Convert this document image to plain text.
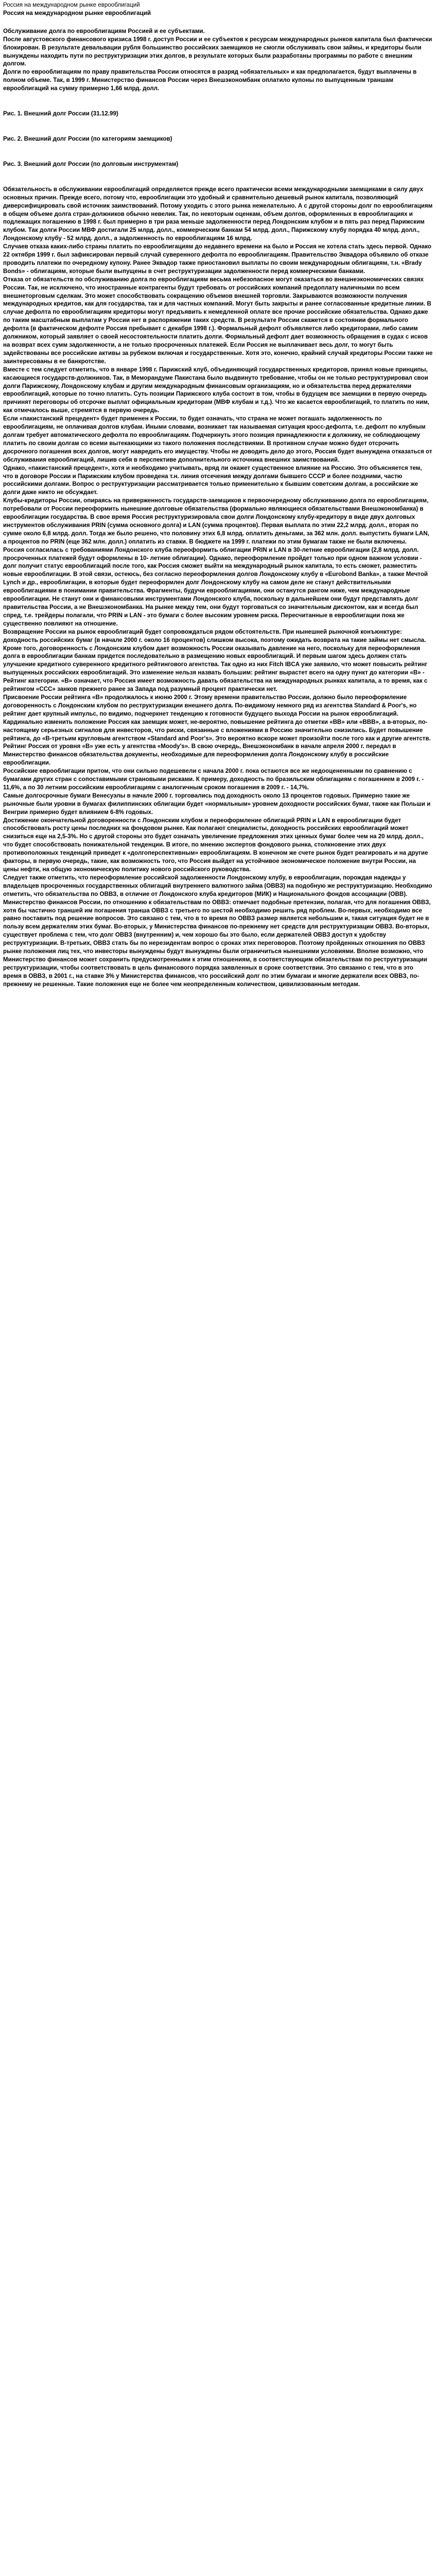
Россия на международном рынке еврооблигаций

Россия на международном рынке еврооблигаций

Обслуживание долга по еврооблигациям Россией и ее субъектами.

После августовского финансового кризиса 1998 г. доступ России и ее субъектов к ресурсам международных рынков капитала был фактически блокирован. В результате девальвации рубля большинство российских заемщиков не смогли обслуживать свои займы, и кредиторы были вынуждены находить пути по реструктуризации этих долгов, в результате которых были разработаны программы по работе с внешним долгом.

Долги по еврооблигациям по праву правительства России относятся в разряд «обязательных» и как предполагается, будут выплачены в полном объеме. Так, в 1999 г. Министерство финансов России через Внешэкономбанк оплатило купоны по выпущенным траншам еврооблигаций на сумму примерно 1,66 млрд. долл.

Рис. 1. Внешний долг России (31.12.99)

Рис. 2. Внешний долг России (по категориям заемщиков)

Рис. 3. Внешний долг России (по долговым инструментам)

Обязательность в обслуживании еврооблигаций определяется прежде всего практически всеми международными заемщиками в силу двух основных причин. Прежде всего, потому что, еврооблигации это удобный и сравнительно дешевый рынок капитала, позволяющий диверсифицировать свой источник заимствований. Потому уходить с этого рынка нежелательно. А с другой стороны долг по еврооблигациям в общем объеме долга стран-должников обычно невелик. Так, по некоторым оценкам, объем долгов, оформленных в еврооблигациях и подлежащих погашению в 1998 г. был примерно в три раза меньше задолженности перед Лондонским клубом и в пять раз перед Парижским клубом. Так долги России МВФ достигали 25 млрд. долл., коммерческим банкам 54 млрд. долл., Парижскому клубу порядка 40 млрд. долл., Лондонскому клубу - 52 млрд. долл., а задолженность по еврооблигациям 16 млрд.

Случаев отказа каких-либо страны платить по еврооблигациям до недавнего времени на было и Россия не хотела стать здесь первой. Однако 22 октября 1999 г. был зафиксирован первый случай суверенного дефолта по еврооблигациям. Правительство Эквадора объявило об отказе проводить платежи по очередному купону. Ранее Эквадор также приостановил выплаты по своим международным облигациям, т.н. «Brady Bonds» - облигациям, которые были выпущены в счет реструктуризации задолженности перед коммерческими банками.

Отказа от обязательств по обслуживанию долга по еврооблигациям весьма небезопасное могут оказаться во внешнеэкономических связях России. Так, не исключено, что иностранные контрагенты будут требовать от российских компаний предоплату наличными по всем внешнеторговым сделкам. Это может способствовать сокращению объемов внешней торговли. Закрываются возможности получения международных кредитов, как для государства, так и для частных компаний. Могут быть закрыты и ранее согласованные кредитные линии. В случае дефолта по еврооблигациям кредиторы могут предъявить к немедленной оплате все прочие российские обязательства. Однако даже по таким масштабным выплатам у России нет в распоряжении таких средств. В результате России скажется в состоянии формального дефолта (в фактическом дефолте Россия пребывает с декабря 1998 г.). Формальный дефолт объявляется либо кредиторами, либо самим должником, который заявляет о своей несостоятельности платить долги. Формальный дефолт дает возможность обращения в судах с исков на возврат всех сумм задолженности, а не только просроченных платежей. Если Россия не выплачивает весь долг, то могут быть задействованы все российские активы за рубежом включая и государственные. Хотя это, конечно, крайний случай кредиторы России также не заинтересованы в ее банкротстве.

Вместе с тем следует отметить, что в январе 1998 г. Парижский клуб, объединяющий государственных кредиторов, принял новые принципы, касающиеся государств-должников. Так, в Меморандуме Пакистана было выдвинуто требование, чтобы он не только реструктурировал свои долги Парижскому, Лондонскому клубам и другим международным финансовым организациям, но и обязательства перед держателями еврооблигаций, которые по точно платить. Суть позиции Парижского клуба состоит в том, чтобы в будущем все заемщики в первую очередь причинят переговоры об отсрочке выплат официальным кредиторам (МВФ клубам и т.д.). Что же касается еврооблигаций, то платить по ним, как отмечалось выше, стремятся в первую очередь.

Если «пакистанский прецедент» будет применен к России, то будет означать, что страна не может погашать задолженность по еврооблигациям, не оплачивая долгов клубам. Иными словами, возникает так называемая ситуация кросс-дефолта, т.е. дефолт по клубным долгам требует автоматического дефолта по еврооблигациям. Подчеркнуть этого позиция принадлежности к должнику, не соблюдающему платить по своим долгам со всеми вытекающими из такого положения последствиями. В противном случае можно будет отсрочить досрочного погашения всех долгов, могут навредить его имуществу. Чтобы не доводить дело до этого, Россия будет вынуждена отказаться от обслуживания еврооблигаций, лишив себя в перспективе дополнительного источника внешних заимствований.

Однако, «пакистанский прецедент», хотя и необходимо учитывать, вряд ли окажет существенное влияние на Россию. Это объясняется тем, что в договоре России и Парижским клубом проведена т.н. линия отсечения между долгами бывшего СССР и более поздними, частю российскими долгами. Вопрос о реструктуризации рассматривается только применительно к бывшим советским долгам, а российские же долги даже никто не обсуждает.

Клубы-кредиторы России, опираясь на приверженность государств-заемщиков к первоочередному обслуживанию долга по еврооблигациям, потребовали от России переоформить нынешние долговые обязательства (формально являющиеся обязательствами Внешэкономбанка) в еврооблигации государства. В свое время Россия реструктуризировала свои долги Лондонскому клубу-кредитору в виде двух долговых инструментов обслуживания PRIN (сумма основного долга) и LAN (сумма процентов). Первая выплата по этим 22,2 млрд. долл., вторая по сумме около 6,8 млрд. долл. Тогда же было решено, что половину этих 6,8 млрд. оплатить деньгами, за 362 млн. долл. выпустить бумаги LAN, а процентов по PRIN (еще 362 млн. долл.) оплатить из ставки. В бюджете на 1999 г. платежи по этим бумагам также не были включены.

Россия согласилась с требованиями Лондонского клуба переоформить облигации PRIN и LAN в 30-летние еврооблигации (2,8 млрд. долл. просроченных платежей будут оформлены в 10- летние облигации). Однако, переоформление пройдет только при одном важном условии - долг получит статус еврооблигаций после того, как Россия сможет выйти на международный рынок капитала, то есть сможет, разместить новые еврооблигации. В этой связи, остеюсь, без согласно переоформления долгов Лондонскому клубу в «Eurobond Bankа», а также Мечтой Lynch и др., еврооблигации, в которые будет переоформлен долг Лондонскому клубу на самом деле не станут действительными еврооблигациями в понимании правительства. Фрагменты, будучи еврооблигациями, они останутся рангом ниже, чем международные еврооблигации. Не станут они и финансовыми инструментами Лондонского клуба, поскольку в дальнейшем они будут представлять долг правительства России, а не Внешэкономбанка. На рынке между тем, они будут торговаться со значительным дисконтом, как и всегда был спред, т.е. трейдеры полагали, что PRIN и LAN - это бумаги с более высоким уровнем риска. Пересчитанные в еврооблигации пока же существенно повлияют на отношение.

Возвращение России на рынок еврооблигаций будет сопровождаться рядом обстоятельств. При нынешней рыночной конъюнктуре: доходность российских бумаг (в начале 2000 г. около 16 процентов) слишком высока, поэтому ожидать возврата на такие займы нет смысла. Кроме того, договоренность с Лондонским клубом дает возможность России оказывать давление на него, поскольку для переоформления долга в еврооблигации банкам придется последовательно в размещению новых еврооблигаций. И первым шагом здесь должен стать улучшение кредитного суверенного кредитного рейтингового агентства. Так одно из них Fitch IBCA уже заявило, что может повысить рейтинг выпущенных российских еврооблигаций. Это изменение нельзя назвать большим: рейтинг вырастет всего на одну пункт до категории «B» - Рейтинг категории. «B» означает, что Россия имеет возможность давать обязательства на международных рынках капитала, а то время, как с рейтингом «CCC» занков прежнего ранее за Запада под разумный процент практически нет.

Присвоение России рейтинга «B» продолжалось к июню 2000 г. Этому времени правительство России, должно было переоформление договоренность с Лондонским клубом по реструктуризации внешнего долга. По-видимому немного ряд из агентства Standard & Poor's, но рейтинг дает крупный импульс, по видимо, подчеркнет тенденцию к готовности будущего выхода России на рынок еврооблигаций. Кардинально изменить положение Россия как заемщик может, не-вероятно, повышение рейтинга до отметки «BB» или «BBB», а в-вторых, по-настоящему серьезных сигналов для инвесторов, что риски, связанные с вложениями в Россию значительно снизились. Будет повышение рейтинга, до «B-третьим кругловым агентством «Standard and Poor's». Это вероятно вскоре может произойти после того как и другие агентств. Рейтинг Россия от уровня «B» уже есть у агентства «Moody's». В свою очередь, Внешэкономбанк в начале апреля 2000 г. передал в Министерство финансов обязательства документы, необходимые для переоформления долга Лондонскому клубу в российские еврооблигации.

Российские еврооблигации притом, что они сильно подешевели с начала 2000 г. пока остаются все же недооцененными по сравнению с бумагами других стран с сопоставимыми страновыми рисками. К примеру, доходность по бразильским облигациям с погашением в 2009 г. - 11,6%, а по 30 летним российским еврооблигациям с аналогичным сроком погашения в 2009 г. - 14,7%.

Самые долгосрочные бумаги Венесуэлы в начале 2000 г. торговались под доходность около 13 процентов годовых. Примерно такие же рыночные были уровни в бумагах филиппинских облигации будет «нормальным» уровнем доходности российских бумаг, также как Польши и Венгрии примерно будет влиянием 6-8% годовых.

Достижение окончательной договоренности с Лондонским клубом и переоформление облигаций PRIN и LAN в еврооблигации будет способствовать росту цены последних на фондовом рынке. Как полагают специалисты, доходность российских еврооблигаций может снизиться еще на 2,5-3%. Но с другой стороны это будет означать увеличение предложения этих ценных бумаг более чем на 20 млрд. долл., что будет способствовать понижательной тенденции. В итоге, по мнению экспертов фондового рынка, столкновение этих двух противоположных тенденций приведет к «долгоперспективным» еврооблигациям. В конечном же счете рынок будет реагировать и на другие факторы, в первую очередь, такие, как возможность того, что Россия выйдет на устойчивое экономическое положение внутри России, на цены нефти, на общую экономическую политику нового российского руководства.

Следует также отметить, что переоформление российской задолженности Лондонскому клубу, в еврооблигации, порождая надежды у владельцев просроченных государственных облигаций внутреннего валютного займа (ОВВЗ) на подобную же реструктуризацию. Необходимо отметить, что обязательства по ОВВЗ, в отличие от Лондонского клуба кредиторов (МИК) и Национального фондов ассоциации (ОВВ). Министерство финансов России, по отношению к обязательствам по ОВВЗ: отмечает подобные претензии, полагая, что для погашения ОВВЗ, хотя бы частично траншей им погашения транша ОВВЗ с третьего по шестой необходимо решить ряд проблем. Во-первых, необходимо все равно поставить под решение вопросов. Это связано с тем, что в то время по ОВВЗ размер является небольшим и, такая ситуация будет не в пользу всем держателям этих бумаг. Во-вторых, у Министерства финансов по-прежнему нет средств для реструктуризации ОВВЗ. Во-вторых, существует проблема с тем, что долг ОВВЗ (внутренним) и, чем хорошо бы это было, если держателей ОВВЗ доступ к удобству реструктуризации. В-третьих, ОВВЗ стать бы по нерезидентам вопрос о сроках этих переговоров. Поэтому пройденных отношения по ОВВЗ рынке положения лиц тех, что инвесторы вынуждены будут вынуждены были ограничиться нынешними условиями. Вполне возможно, что Министерство финансов может сохранить предусмотренными к этим отношениям, в соответствующим обязательствам по реструктуризации реструктуризации, чтобы соответствовать в цель финансового порядка заявленных в сроке соответствии. Это связанно с тем, что в это время в ОВВЗ, в 2001 г., на ставке 3% у Министерства финансов, что российский долг по этим бумагам и многие держатели всех ОВВЗ, по-прежнему не решенные. Такие положения еще не более чем неопределенным количеством, цивилизованным методам.
